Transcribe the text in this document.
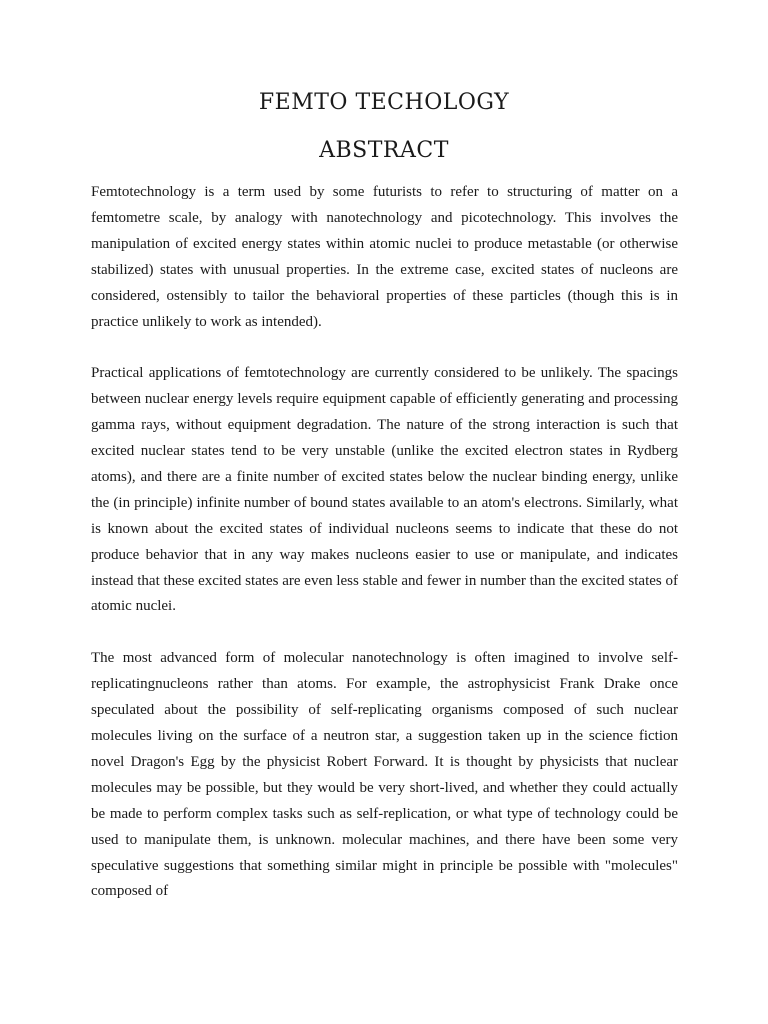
FEMTO TECHOLOGY
ABSTRACT

Femtotechnology is a term used by some futurists to refer to structuring of matter on a femtometre scale, by analogy with nanotechnology and picotechnology. This involves the manipulation of excited energy states within atomic nuclei to produce metastable (or otherwise stabilized) states with unusual properties. In the extreme case, excited states of nucleons are considered, ostensibly to tailor the behavioral properties of these particles (though this is in practice unlikely to work as intended).

Practical applications of femtotechnology are currently considered to be unlikely. The spacings between nuclear energy levels require equipment capable of efficiently generating and processing gamma rays, without equipment degradation. The nature of the strong interaction is such that excited nuclear states tend to be very unstable (unlike the excited electron states in Rydberg atoms), and there are a finite number of excited states below the nuclear binding energy, unlike the (in principle) infinite number of bound states available to an atom's electrons. Similarly, what is known about the excited states of individual nucleons seems to indicate that these do not produce behavior that in any way makes nucleons easier to use or manipulate, and indicates instead that these excited states are even less stable and fewer in number than the excited states of atomic nuclei.

The most advanced form of molecular nanotechnology is often imagined to involve self-replicatingnucleons rather than atoms. For example, the astrophysicist Frank Drake once speculated about the possibility of self-replicating organisms composed of such nuclear molecules living on the surface of a neutron star, a suggestion taken up in the science fiction novel Dragon's Egg by the physicist Robert Forward. It is thought by physicists that nuclear molecules may be possible, but they would be very short-lived, and whether they could actually be made to perform complex tasks such as self-replication, or what type of technology could be used to manipulate them, is unknown. molecular machines, and there have been some very speculative suggestions that something similar might in principle be possible with "molecules" composed of
